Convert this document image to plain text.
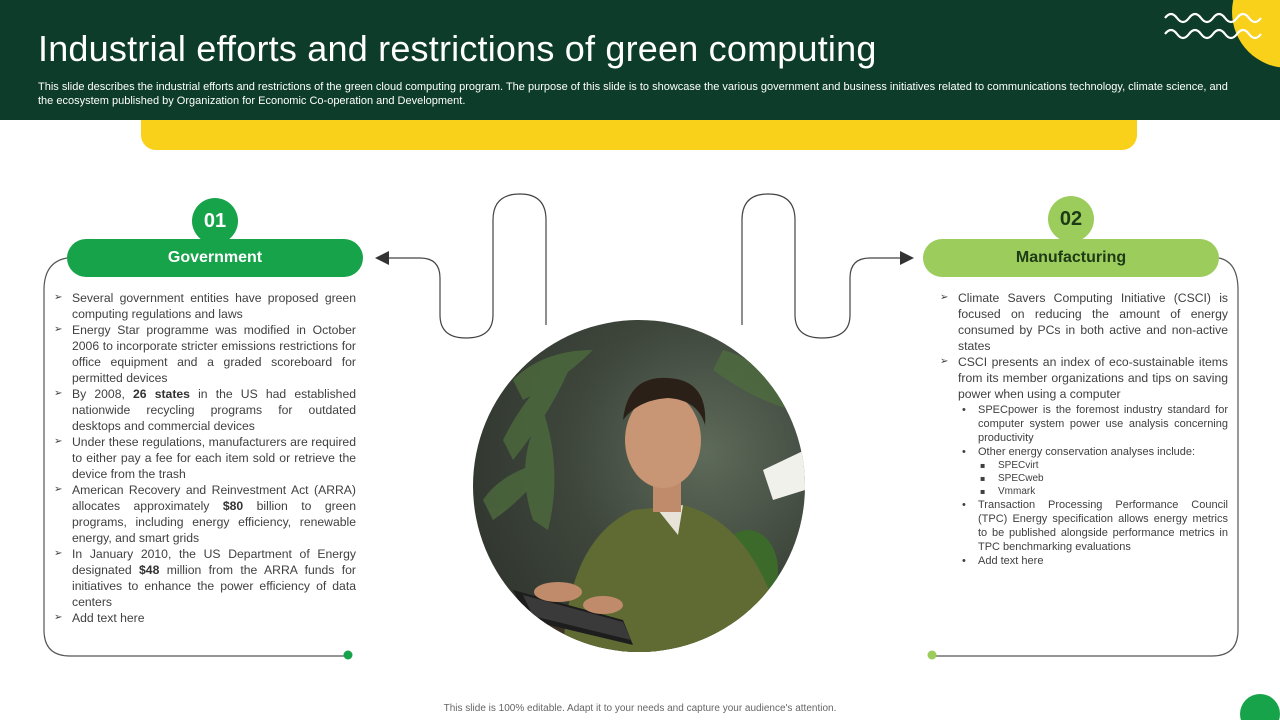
Industrial efforts and restrictions of green computing
This slide describes the industrial efforts and restrictions of the green cloud computing program. The purpose of this slide is to showcase the various government and business initiatives related to communications technology, climate science, and the ecosystem published by Organization for Economic Co-operation and Development.
01
Government
➢ Several government entities have proposed green computing regulations and laws
➢ Energy Star programme was modified in October 2006 to incorporate stricter emissions restrictions for office equipment and a graded scoreboard for permitted devices
➢ By 2008, 26 states in the US had established nationwide recycling programs for outdated desktops and commercial devices
➢ Under these regulations, manufacturers are required to either pay a fee for each item sold or retrieve the device from the trash
➢ American Recovery and Reinvestment Act (ARRA) allocates approximately $80 billion to green programs, including energy efficiency, renewable energy, and smart grids
➢ In January 2010, the US Department of Energy designated $48 million from the ARRA funds for initiatives to enhance the power efficiency of data centers
➢ Add text here
02
Manufacturing
➢ Climate Savers Computing Initiative (CSCI) is focused on reducing the amount of energy consumed by PCs in both active and non-active states
➢ CSCI presents an index of eco-sustainable items from its member organizations and tips on saving power when using a computer
• SPECpower is the foremost industry standard for computer system power use analysis concerning productivity
• Other energy conservation analyses include:
▪ SPECvirt
▪ SPECweb
▪ Vmmark
• Transaction Processing Performance Council (TPC) Energy specification allows energy metrics to be published alongside performance metrics in TPC benchmarking evaluations
• Add text here
This slide is 100% editable. Adapt it to your needs and capture your audience's attention.
